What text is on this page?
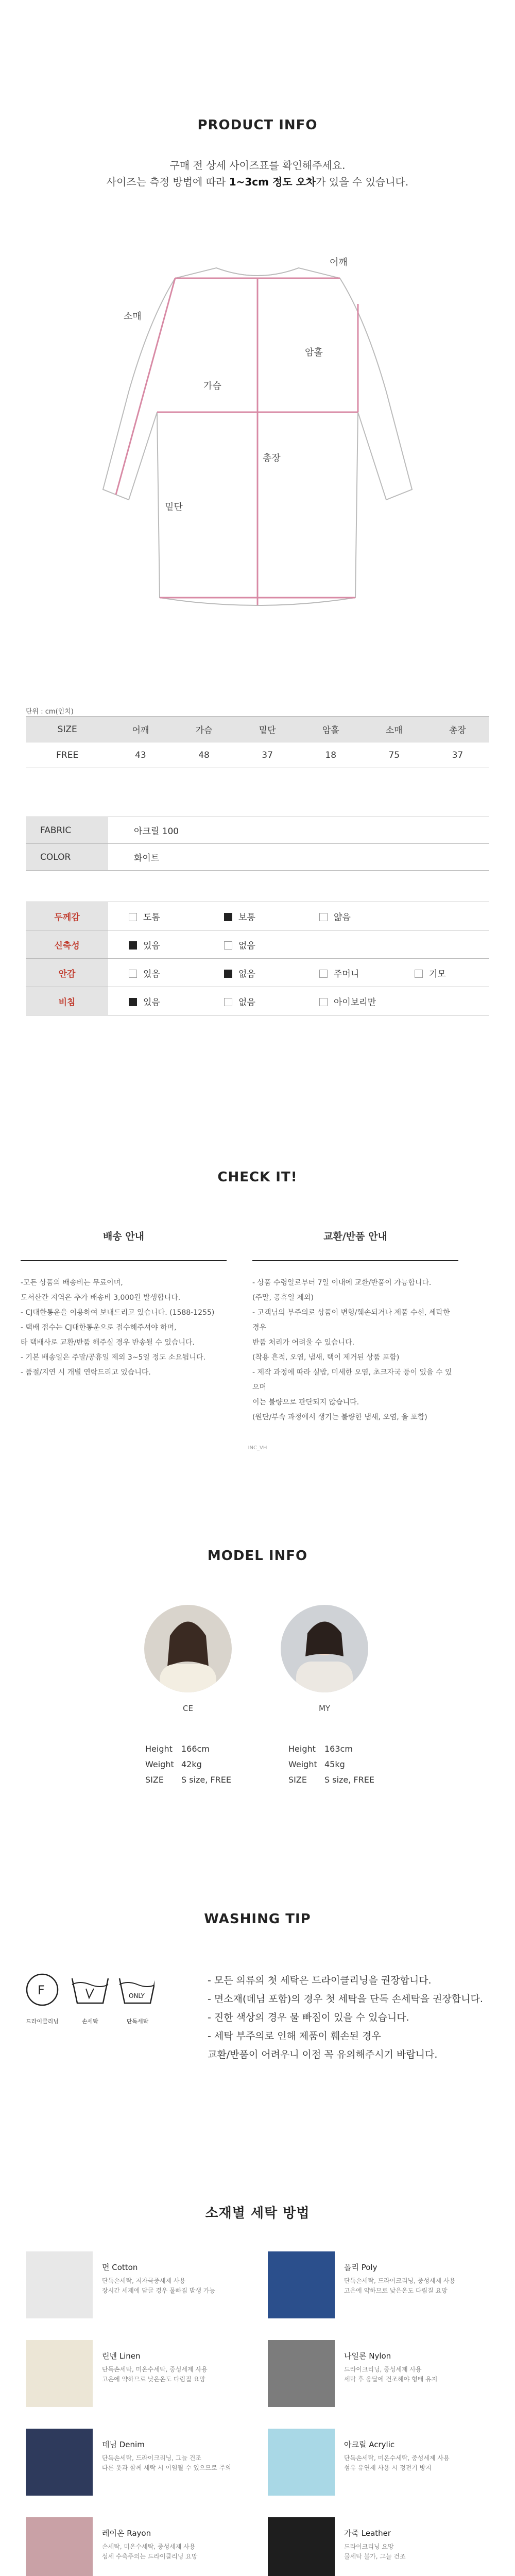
PRODUCT INFO
구매 전 상세 사이즈표를 확인해주세요.
사이즈는 측정 방법에 따라 1~3cm 정도 오차가 있을 수 있습니다.
어깨
소매
가슴
암홀
총장
밑단
단위 : cm(인치)
SIZE	어깨	가슴	밑단	암홀	소매	총장
FREE	43	48	37	18	75	37
FABRIC	아크릴 100
COLOR	화이트
두께감	도톰	보통	얇음	
신축성	있음	없음		
안감	있음	없음	주머니	기모
비침	있음	없음	아이보리만	
CHECK IT!
배송 안내

-모든 상품의 배송비는 무료이며,
도서산간 지역은 추가 배송비 3,000원 발생합니다.
- CJ대한통운을 이용하여 보내드리고 있습니다. (1588-1255)
- 택배 접수는 CJ대한통운으로 접수해주셔야 하며,
타 택배사로 교환/반품 해주실 경우 반송될 수 있습니다.
- 기본 배송일은 주말/공휴일 제외 3~5일 정도 소요됩니다.
- 품절/지연 시 개별 연락드리고 있습니다.

교환/반품 안내

- 상품 수령일로부터 7일 이내에 교환/반품이 가능합니다.
(주말, 공휴일 제외)
- 고객님의 부주의로 상품이 변형/훼손되거나 제품 수선, 세탁한 경우
반품 처리가 어려울 수 있습니다.
(착용 흔적, 오염, 냄새, 택이 제거된 상품 포함)
- 제작 과정에 따라 실밥, 미세한 오염, 초크자국 등이 있을 수 있으며
이는 불량으로 판단되지 않습니다.
(원단/부속 과정에서 생기는 불량한 냄새, 오염, 올 포함)

INC_VH
MODEL INFO
CE	MY
Height 166cm
Weight 42kg
SIZE S size, FREE
Height 163cm
Weight 45kg
SIZE S size, FREE
WASHING TIP
F	ONLY
드라이클리닝	손세탁	단독세탁
- 모든 의류의 첫 세탁은 드라이클리닝을 권장합니다.
- 면소재(데님 포함)의 경우 첫 세탁을 단독 손세탁을 권장합니다.
- 진한 색상의 경우 물 빠짐이 있을 수 있습니다.
- 세탁 부주의로 인해 제품이 훼손된 경우
교환/반품이 어려우니 이점 꼭 유의해주시기 바랍니다.
소재별 세탁 방법
면 Cotton
단독손세탁, 저자극중세제 사용
장시간 세제에 담글 경우 물빠짐 발생 가능
폴리 Poly
단독손세탁, 드라이크리닝, 중성세제 사용
고온에 약하므로 낮은온도 다림질 요망
린넨 Linen
단독손세탁, 미온수세탁, 중성세제 사용
고온에 약하므로 낮은온도 다림질 요망
나일론 Nylon
드라이크리닝, 중성세제 사용
세탁 후 응달에 건조해야 형태 유지
데님 Denim
단독손세탁, 드라이크리닝, 그늘 건조
다른 옷과 함께 세탁 시 이염될 수 있으므로 주의
아크릴 Acrylic
단독손세탁, 미온수세탁, 중성세제 사용
섬유 유연제 사용 시 정전기 방지
레이온 Rayon
손세탁, 미온수세탁, 중성세제 사용
섬세 수축주의는 드라이클리닝 요망
가죽 Leather
드라이크리닝 요망
물세탁 불가, 그늘 건조
